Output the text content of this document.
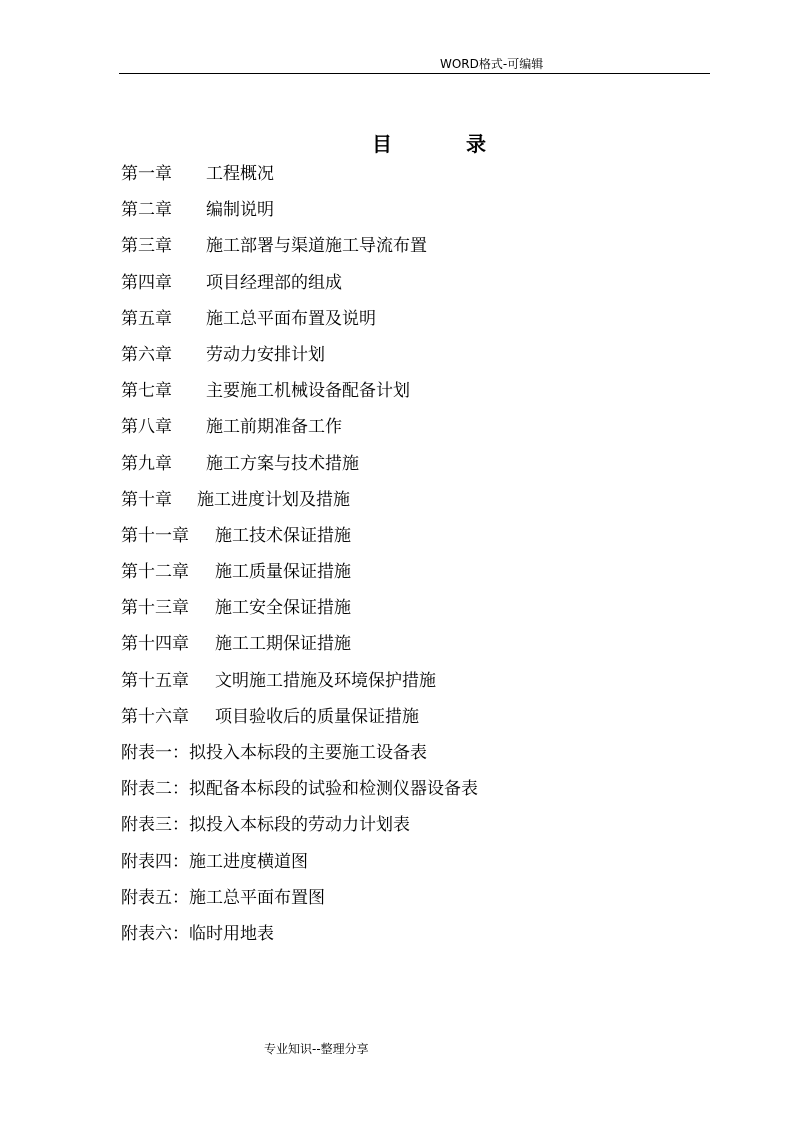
WORD格式-可编辑
目	录
第一章 工程概况
第二章 编制说明
第三章 施工部署与渠道施工导流布置
第四章 项目经理部的组成
第五章 施工总平面布置及说明
第六章 劳动力安排计划
第七章 主要施工机械设备配备计划
第八章 施工前期准备工作
第九章 施工方案与技术措施
第十章 施工进度计划及措施
第十一章 施工技术保证措施
第十二章 施工质量保证措施
第十三章 施工安全保证措施
第十四章 施工工期保证措施
第十五章 文明施工措施及环境保护措施
第十六章 项目验收后的质量保证措施
附表一：拟投入本标段的主要施工设备表
附表二：拟配备本标段的试验和检测仪器设备表
附表三：拟投入本标段的劳动力计划表
附表四：施工进度横道图
附表五：施工总平面布置图
附表六：临时用地表
专业知识--整理分享
